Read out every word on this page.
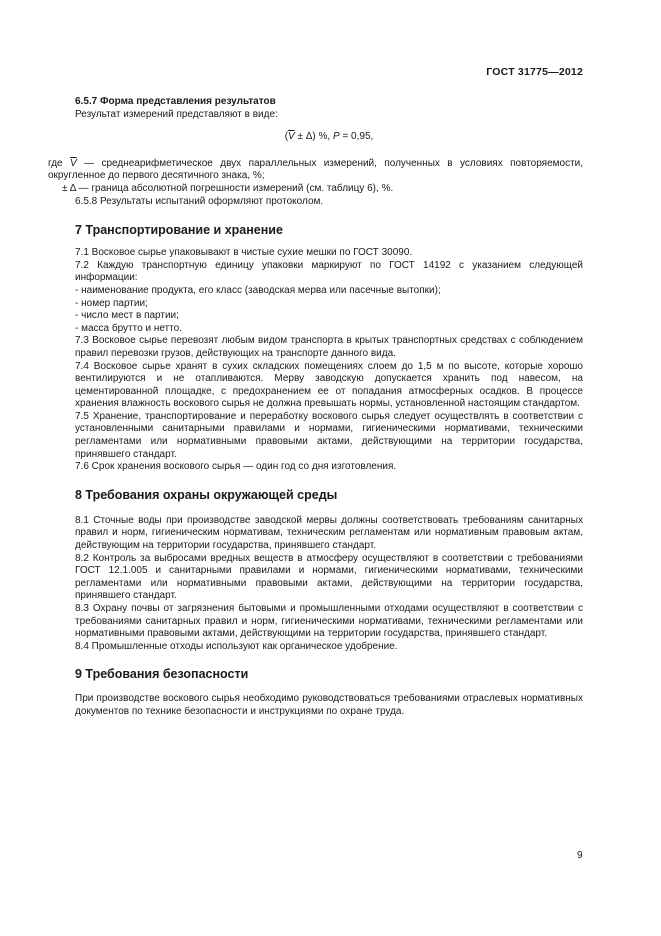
ГОСТ 31775—2012

6.5.7 Форма представления результатов

Результат измерений представляют в виде:

$(\overline{V} \pm \Delta)$ %, P = 0,95,

где $\overline{V}$ — среднеарифметическое двух параллельных измерений, полученных в условиях повторяемости, округленное до первого десятичного знака, %;

± Δ — граница абсолютной погрешности измерений (см. таблицу 6), %.

6.5.8 Результаты испытаний оформляют протоколом.

7 Транспортирование и хранение

7.1 Восковое сырье упаковывают в чистые сухие мешки по ГОСТ 30090.

7.2 Каждую транспортную единицу упаковки маркируют по ГОСТ 14192 с указанием следующей информации:

- наименование продукта, его класс (заводская мерва или пасечные вытопки);

- номер партии;

- число мест в партии;

- масса брутто и нетто.

7.3 Восковое сырье перевозят любым видом транспорта в крытых транспортных средствах с соблюдением правил перевозки грузов, действующих на транспорте данного вида.

7.4 Восковое сырье хранят в сухих складских помещениях слоем до 1,5 м по высоте, которые хорошо вентилируются и не отапливаются. Мерву заводскую допускается хранить под навесом, на цементированной площадке, с предохранением ее от попадания атмосферных осадков. В процессе хранения влажность воскового сырья не должна превышать нормы, установленной настоящим стандартом.

7.5 Хранение, транспортирование и переработку воскового сырья следует осуществлять в соответствии с установленными санитарными правилами и нормами, гигиеническими нормативами, техническими регламентами или нормативными правовыми актами, действующими на территории государства, принявшего стандарт.

7.6 Срок хранения воскового сырья — один год со дня изготовления.

8 Требования охраны окружающей среды

8.1 Сточные воды при производстве заводской мервы должны соответствовать требованиям санитарных правил и норм, гигиеническим нормативам, техническим регламентам или нормативным правовым актам, действующим на территории государства, принявшего стандарт.

8.2 Контроль за выбросами вредных веществ в атмосферу осуществляют в соответствии с требованиями ГОСТ 12.1.005 и санитарными правилами и нормами, гигиеническими нормативами, техническими регламентами или нормативными правовыми актами, действующими на территории государства, принявшего стандарт.

8.3 Охрану почвы от загрязнения бытовыми и промышленными отходами осуществляют в соответствии с требованиями санитарных правил и норм, гигиеническими нормативами, техническими регламентами или нормативными правовыми актами, действующими на территории государства, принявшего стандарт.

8.4 Промышленные отходы используют как органическое удобрение.

9 Требования безопасности

При производстве воскового сырья необходимо руководствоваться требованиями отраслевых нормативных документов по технике безопасности и инструкциями по охране труда.

9
